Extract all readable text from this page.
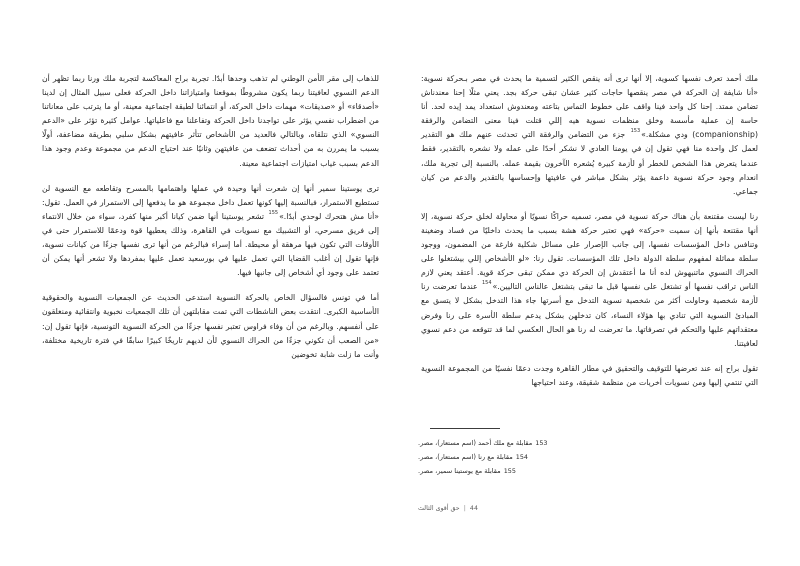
ملك أحمد تعرف نفسها كسوية، إلا أنها ترى أنه ينقص الكثير لتسمية ما يحدث في مصر بـحركة نسوية: «أنا شايفة إن الحركة في مصر ينقصها حاجات كثير عشان تبقى حركة بجد. يعني مثلًا إحنا معندناش تضامن ممتد. إحنا كل واحد فينا واقف على خطوط التماس بتاعته ومعندوش استعداد يمد إيده لحد. أنا حاسة إن عملية مأسسة وخلق منظمات نسوية هيه إللي قتلت فينا معنى التضامن والرفقة (companionship) ودي مشكلة.»$^{153}$ جزء من التضامن والرفقة التي تحدثت عنهم ملك هو التقدير لعمل كل واحدة منا فهي تقول إن في يومنا العادي لا نشكر أحدًا على عمله ولا نشعره بالتقدير، فقط عندما يتعرض هذا الشخص للخطر أو لأزمة كبيرة يُشعره الآخرون بقيمة عمله. بالنسبة إلى تجربة ملك، انعدام وجود حركة نسوية داعمة يؤثر بشكل مباشر في عافيتها وإحساسها بالتقدير والدعم من كيان جماعي.

رنا ليست مقتنعة بأن هناك حركة نسوية في مصر، تسميه حراكًا نسويًا أو محاولة لخلق حركة نسوية، إلا أنها مقتنعة بأنها إن سميت «حركة» فهي تعتبر حركة هشة بسبب ما يحدث داخليًا من فساد وضغينة وتنافس داخل المؤسسات نفسها، إلى جانب الإصرار على مسائل شكلية فارغة من المضمون، ووجود سلطة مماثلة لمفهوم سلطة الدولة داخل تلك المؤسسات. تقول رنا: «لو الأشخاص إللي بيشتغلوا على الحراك النسوي ماتنبهوش لده أنا ما أعتقدش إن الحركة دي ممكن تبقى حركة قوية. أعتقد يعني لازم الناس تراقب نفسها أو تشتغل على نفسها قبل ما تبقى بتشتغل عالناس التاليين.»$^{154}$ عندما تعرضت رنا لأزمة شخصية وحاولت أكثر من شخصية نسوية التدخل مع أسرتها جاء هذا التدخل بشكل لا يتسق مع المبادئ النسوية التي تنادي بها هؤلاء النساء، كان تدخلهن بشكل يدعم سلطة الأسرة على رنا وفرض معتقداتهم عليها والتحكم في تصرفاتها. ما تعرضت له رنا هو الحال العكسي لما قد تتوقعه من دعم نسوي لعافيتنا.

تقول براح إنه عند تعرضها للتوقيف والتحقيق في مطار القاهرة وجدت دعمًا نفسيًا من المجموعة النسوية التي تنتمي إليها ومن نسويات أخريات من منظمة شقيقة، وعند احتياجها

للذهاب إلى مقر الأمن الوطني لم تذهب وحدها أبدًا. تجربة براح المعاكسة لتجربة ملك ورنا ربما تظهر أن الدعم النسوي لعافيتنا ربما يكون مشروطًا بموقعنا وامتيازاتنا داخل الحركة فعلى سبيل المثال إن لدينا «أصدقاء» أو «صديقات» مهمات داخل الحركة، أو انتمائنا لطبقة اجتماعية معينة، أو ما يترتب على معاناتنا من اضطراب نفسي يؤثر على تواجدنا داخل الحركة وتفاعلنا مع فاعلياتها. عوامل كثيرة تؤثر على «الدعم النسوي» الذي نتلقاه، وبالتالي فالعديد من الأشخاص تتأثر عافيتهم بشكل سلبي بطريقة مضاعفة، أولًا بسبب ما يمررن به من أحداث تضعف من عافيتهن وثانيًا عند احتياج الدعم من مجموعة وعدم وجود هذا الدعم بسبب غياب امتيازات اجتماعية معينة.

ترى يوستينا سمير أنها إن شعرت أنها وحيدة في عملها واهتمامها بالمسرح وتقاطعه مع النسوية لن تستطيع الاستمرار، فبالنسبة إليها كونها تعمل داخل مجموعة هو ما يدفعها إلى الاستمرار في العمل. تقول: «أنا مش هتحرك لوحدي أبدًا.»$^{155}$ تشعر يوستينا أنها ضمن كيانا أكبر منها كفرد، سواء من خلال الانتماء إلى فريق مسرحي، أو التشبيك مع نسويات في القاهرة، وذلك يعطيها قوة ودعمًا للاستمرار حتى في الأوقات التي تكون فيها مرهقة أو محيطة. أما إسراء فبالرغم من أنها ترى نفسها جزءًا من كيانات نسوية، فإنها تقول إن أغلب القضايا التي تعمل عليها في بورسعيد تعمل عليها بمفردها ولا تشعر أنها يمكن أن تعتمد على وجود أي أشخاص إلى جانبها فيها.

أما في تونس فالسؤال الخاص بالحركة النسوية استدعى الحديث عن الجمعيات النسوية والحقوقية الأساسية الكبرى. انتقدت بعض الناشطات التي تمت مقابلتهن أن تلك الجمعيات نخبوية وانتقائية ومنغلقون على أنفسهم. وبالرغم من أن وفاء فراوس تعتبر نفسها جزءًا من الحركة النسوية التونسية، فإنها تقول إن: «من الصعب أن تكوني جزءًا من الحراك النسوي لأن لديهم تاريخًا كبيرًا سابقًا في فترة تاريخية مختلفة، وأنت ما زلت شابة تخوضين

153مقابلة مع ملك أحمد (اسم مستعار)، مصر.
154مقابلة مع رنا (اسم مستعار)، مصر.
155مقابلة مع يوستينا سمير، مصر.
44|حق أقوى الثالث
